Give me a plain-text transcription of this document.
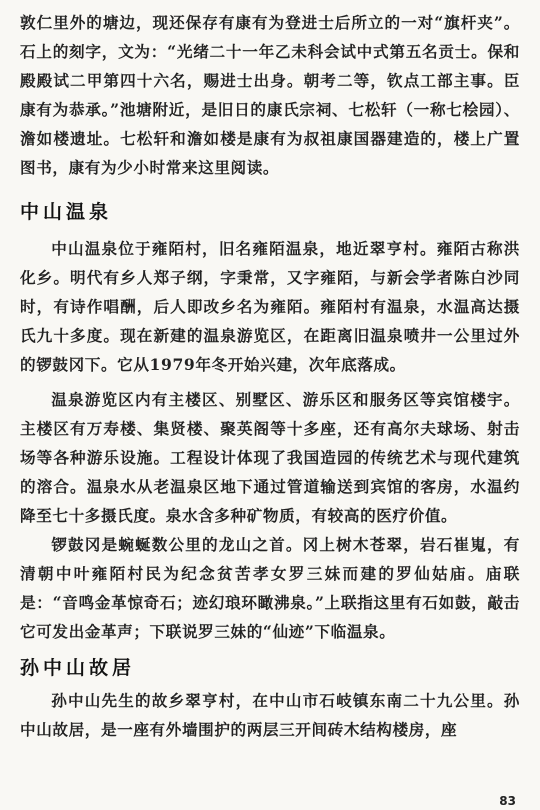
敦仁里外的塘边，现还保存有康有为登进士后所立的一对“旗杆夹”。石上的刻字，文为：“光绪二十一年乙未科会试中式第五名贡士。保和殿殿试二甲第四十六名，赐进士出身。朝考二等，钦点工部主事。臣康有为恭承。”池塘附近，是旧日的康氏宗祠、七松轩（一称七桧园）、澹如楼遗址。七松轩和澹如楼是康有为叔祖康国器建造的，楼上广置图书，康有为少小时常来这里阅读。

中山温泉

中山温泉位于雍陌村，旧名雍陌温泉，地近翠亨村。雍陌古称洪化乡。明代有乡人郑子纲，字秉常，又字雍陌，与新会学者陈白沙同时，有诗作唱酬，后人即改乡名为雍陌。雍陌村有温泉，水温高达摄氏九十多度。现在新建的温泉游览区，在距离旧温泉喷井一公里过外的锣鼓冈下。它从1979年冬开始兴建，次年底落成。

温泉游览区内有主楼区、别墅区、游乐区和服务区等宾馆楼宇。主楼区有万寿楼、集贤楼、聚英阁等十多座，还有高尔夫球场、射击场等各种游乐设施。工程设计体现了我国造园的传统艺术与现代建筑的溶合。温泉水从老温泉区地下通过管道输送到宾馆的客房，水温约降至七十多摄氏度。泉水含多种矿物质，有较高的医疗价值。

锣鼓冈是蜿蜒数公里的龙山之首。冈上树木苍翠，岩石崔嵬，有清朝中叶雍陌村民为纪念贫苦孝女罗三妹而建的罗仙姑庙。庙联是：“音鸣金革惊奇石；迹幻琅环瞰沸泉。”上联指这里有石如鼓，敲击它可发出金革声；下联说罗三妹的“仙迹”下临温泉。

孙中山故居

孙中山先生的故乡翠亨村，在中山市石岐镇东南二十九公里。孙中山故居，是一座有外墙围护的两层三开间砖木结构楼房，座

83
